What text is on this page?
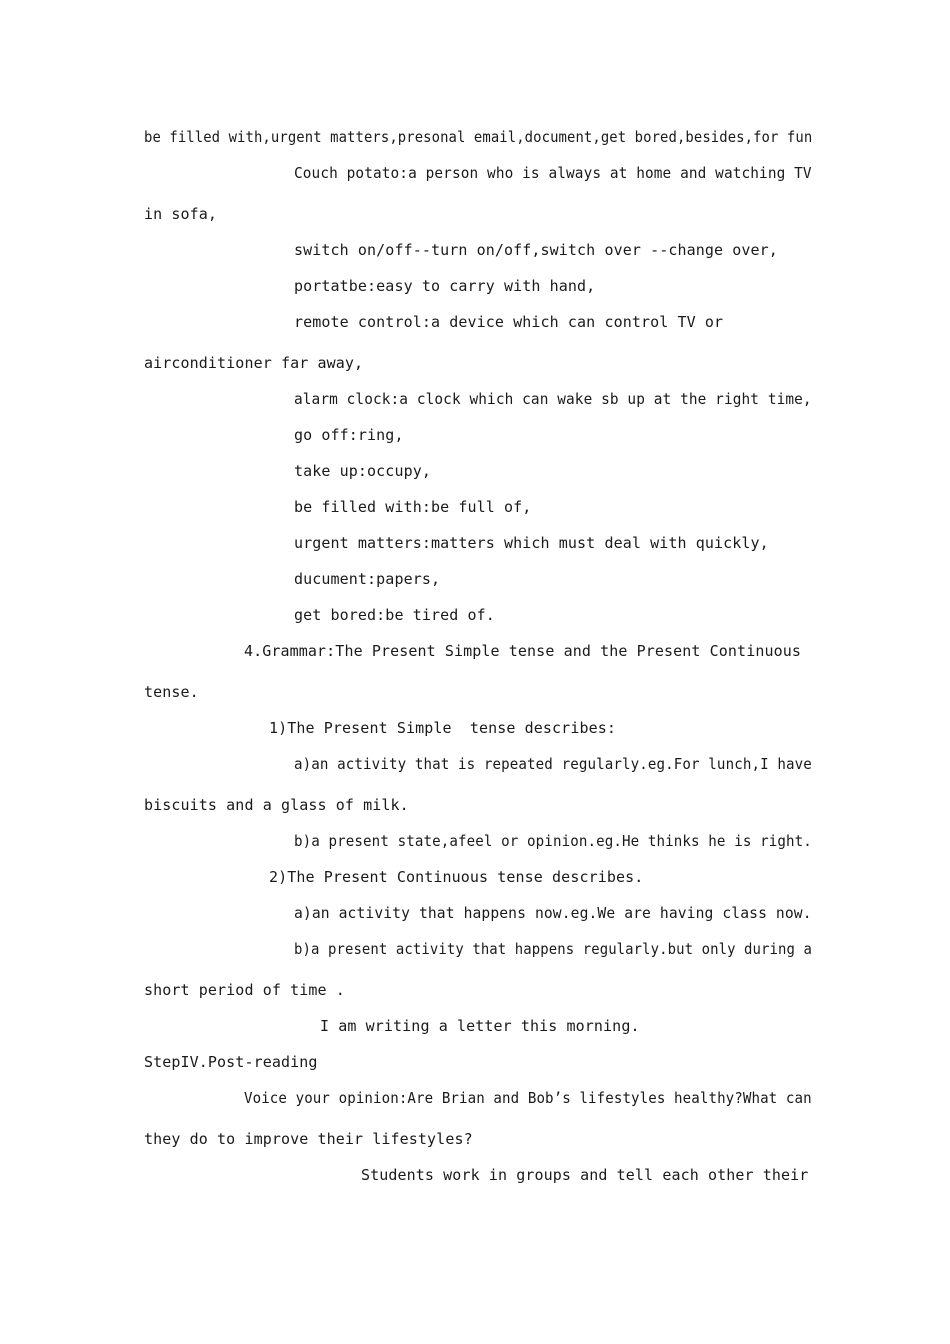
be filled with,urgent matters,presonal email,document,get bored,besides,for fun
Couch potato:a person who is always at home and watching TV
in sofa,
switch on/off--turn on/off,switch over --change over,
portatbe:easy to carry with hand,
remote control:a device which can control TV or
airconditioner far away,
alarm clock:a clock which can wake sb up at the right time,
go off:ring,
take up:occupy,
be filled with:be full of,
urgent matters:matters which must deal with quickly,
ducument:papers,
get bored:be tired of.
4.Grammar:The Present Simple tense and the Present Continuous
tense.
1)The Present Simple  tense describes:
a)an activity that is repeated regularly.eg.For lunch,I have
biscuits and a glass of milk.
b)a present state,afeel or opinion.eg.He thinks he is right.
2)The Present Continuous tense describes.
a)an activity that happens now.eg.We are having class now.
b)a present activity that happens regularly.but only during a
short period of time .
I am writing a letter this morning.
StepIV.Post-reading
Voice your opinion:Are Brian and Bob’s lifestyles healthy?What can
they do to improve their lifestyles?
Students work in groups and tell each other their
